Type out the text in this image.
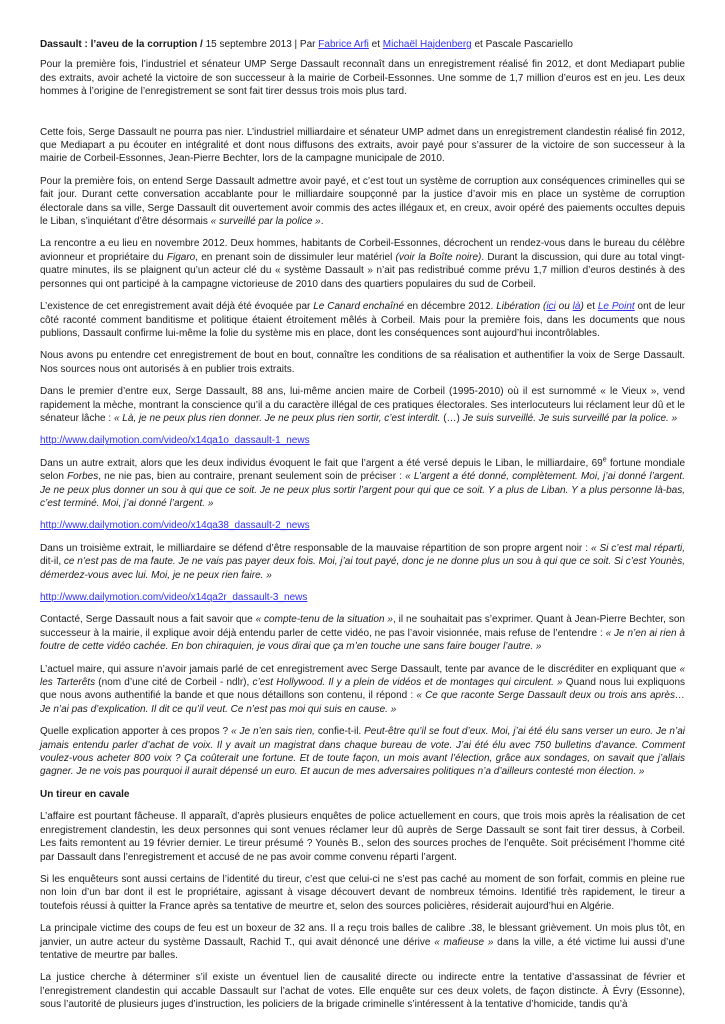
Dassault : l’aveu de la corruption / 15 septembre 2013 | Par Fabrice Arfi et Michaël Hajdenberg et Pascale Pascariello

Pour la première fois, l’industriel et sénateur UMP Serge Dassault reconnaît dans un enregistrement réalisé fin 2012, et dont Mediapart publie des extraits, avoir acheté la victoire de son successeur à la mairie de Corbeil-Essonnes. Une somme de 1,7 million d’euros est en jeu. Les deux hommes à l’origine de l’enregistrement se sont fait tirer dessus trois mois plus tard.

Cette fois, Serge Dassault ne pourra pas nier. L’industriel milliardaire et sénateur UMP admet dans un enregistrement clandestin réalisé fin 2012, que Mediapart a pu écouter en intégralité et dont nous diffusons des extraits, avoir payé pour s’assurer de la victoire de son successeur à la mairie de Corbeil-Essonnes, Jean-Pierre Bechter, lors de la campagne municipale de 2010.

Pour la première fois, on entend Serge Dassault admettre avoir payé, et c’est tout un système de corruption aux conséquences criminelles qui se fait jour. Durant cette conversation accablante pour le milliardaire soupçonné par la justice d’avoir mis en place un système de corruption électorale dans sa ville, Serge Dassault dit ouvertement avoir commis des actes illégaux et, en creux, avoir opéré des paiements occultes depuis le Liban, s’inquiétant d’être désormais « surveillé par la police ».

La rencontre a eu lieu en novembre 2012. Deux hommes, habitants de Corbeil-Essonnes, décrochent un rendez-vous dans le bureau du célèbre avionneur et propriétaire du Figaro, en prenant soin de dissimuler leur matériel (voir la Boîte noire). Durant la discussion, qui dure au total vingt-quatre minutes, ils se plaignent qu’un acteur clé du « système Dassault » n’ait pas redistribué comme prévu 1,7 million d’euros destinés à des personnes qui ont participé à la campagne victorieuse de 2010 dans des quartiers populaires du sud de Corbeil.

L’existence de cet enregistrement avait déjà été évoquée par Le Canard enchaîné en décembre 2012. Libération (ici ou là) et Le Point ont de leur côté raconté comment banditisme et politique étaient étroitement mêlés à Corbeil. Mais pour la première fois, dans les documents que nous publions, Dassault confirme lui-même la folie du système mis en place, dont les conséquences sont aujourd’hui incontrôlables.

Nous avons pu entendre cet enregistrement de bout en bout, connaître les conditions de sa réalisation et authentifier la voix de Serge Dassault. Nos sources nous ont autorisés à en publier trois extraits.

Dans le premier d’entre eux, Serge Dassault, 88 ans, lui-même ancien maire de Corbeil (1995-2010) où il est surnommé « le Vieux », vend rapidement la mèche, montrant la conscience qu’il a du caractère illégal de ces pratiques électorales. Ses interlocuteurs lui réclament leur dû et le sénateur lâche : « Là, je ne peux plus rien donner. Je ne peux plus rien sortir, c’est interdit. (…) Je suis surveillé. Je suis surveillé par la police. »

http://www.dailymotion.com/video/x14qa1o_dassault-1_news

Dans un autre extrait, alors que les deux individus évoquent le fait que l’argent a été versé depuis le Liban, le milliardaire, 69e fortune mondiale selon Forbes, ne nie pas, bien au contraire, prenant seulement soin de préciser : « L’argent a été donné, complètement. Moi, j’ai donné l’argent. Je ne peux plus donner un sou à qui que ce soit. Je ne peux plus sortir l’argent pour qui que ce soit. Y a plus de Liban. Y a plus personne là-bas, c’est terminé. Moi, j’ai donné l’argent. »

http://www.dailymotion.com/video/x14qa38_dassault-2_news

Dans un troisième extrait, le milliardaire se défend d’être responsable de la mauvaise répartition de son propre argent noir : « Si c’est mal réparti, dit-il, ce n’est pas de ma faute. Je ne vais pas payer deux fois. Moi, j’ai tout payé, donc je ne donne plus un sou à qui que ce soit. Si c’est Younès, démerdez-vous avec lui. Moi, je ne peux rien faire. »

http://www.dailymotion.com/video/x14qa2r_dassault-3_news

Contacté, Serge Dassault nous a fait savoir que « compte-tenu de la situation », il ne souhaitait pas s’exprimer. Quant à Jean-Pierre Bechter, son successeur à la mairie, il explique avoir déjà entendu parler de cette vidéo, ne pas l’avoir visionnée, mais refuse de l’entendre : « Je n’en ai rien à foutre de cette vidéo cachée. En bon chiraquien, je vous dirai que ça m’en touche une sans faire bouger l’autre. »

L’actuel maire, qui assure n’avoir jamais parlé de cet enregistrement avec Serge Dassault, tente par avance de le discréditer en expliquant que « les Tarterêts (nom d’une cité de Corbeil - ndlr), c’est Hollywood. Il y a plein de vidéos et de montages qui circulent. » Quand nous lui expliquons que nous avons authentifié la bande et que nous détaillons son contenu, il répond : « Ce que raconte Serge Dassault deux ou trois ans après… Je n’ai pas d’explication. Il dit ce qu’il veut. Ce n’est pas moi qui suis en cause. »

Quelle explication apporter à ces propos ? « Je n’en sais rien, confie-t-il. Peut-être qu’il se fout d’eux. Moi, j’ai été élu sans verser un euro. Je n’ai jamais entendu parler d’achat de voix. Il y avait un magistrat dans chaque bureau de vote. J’ai été élu avec 750 bulletins d’avance. Comment voulez-vous acheter 800 voix ? Ça coûterait une fortune. Et de toute façon, un mois avant l’élection, grâce aux sondages, on savait que j’allais gagner. Je ne vois pas pourquoi il aurait dépensé un euro. Et aucun de mes adversaires politiques n’a d’ailleurs contesté mon élection. »

Un tireur en cavale

L’affaire est pourtant fâcheuse. Il apparaît, d’après plusieurs enquêtes de police actuellement en cours, que trois mois après la réalisation de cet enregistrement clandestin, les deux personnes qui sont venues réclamer leur dû auprès de Serge Dassault se sont fait tirer dessus, à Corbeil. Les faits remontent au 19 février dernier. Le tireur présumé ? Younès B., selon des sources proches de l’enquête. Soit précisément l’homme cité par Dassault dans l’enregistrement et accusé de ne pas avoir comme convenu réparti l’argent.

Si les enquêteurs sont aussi certains de l’identité du tireur, c’est que celui-ci ne s’est pas caché au moment de son forfait, commis en pleine rue non loin d’un bar dont il est le propriétaire, agissant à visage découvert devant de nombreux témoins. Identifié très rapidement, le tireur a toutefois réussi à quitter la France après sa tentative de meurtre et, selon des sources policières, résiderait aujourd’hui en Algérie.

La principale victime des coups de feu est un boxeur de 32 ans. Il a reçu trois balles de calibre .38, le blessant grièvement. Un mois plus tôt, en janvier, un autre acteur du système Dassault, Rachid T., qui avait dénoncé une dérive « mafieuse » dans la ville, a été victime lui aussi d’une tentative de meurtre par balles.

La justice cherche à déterminer s’il existe un éventuel lien de causalité directe ou indirecte entre la tentative d’assassinat de février et l’enregistrement clandestin qui accable Dassault sur l’achat de votes. Elle enquête sur ces deux volets, de façon distincte. À Évry (Essonne), sous l’autorité de plusieurs juges d’instruction, les policiers de la brigade criminelle s’intéressent à la tentative d’homicide, tandis qu’à
